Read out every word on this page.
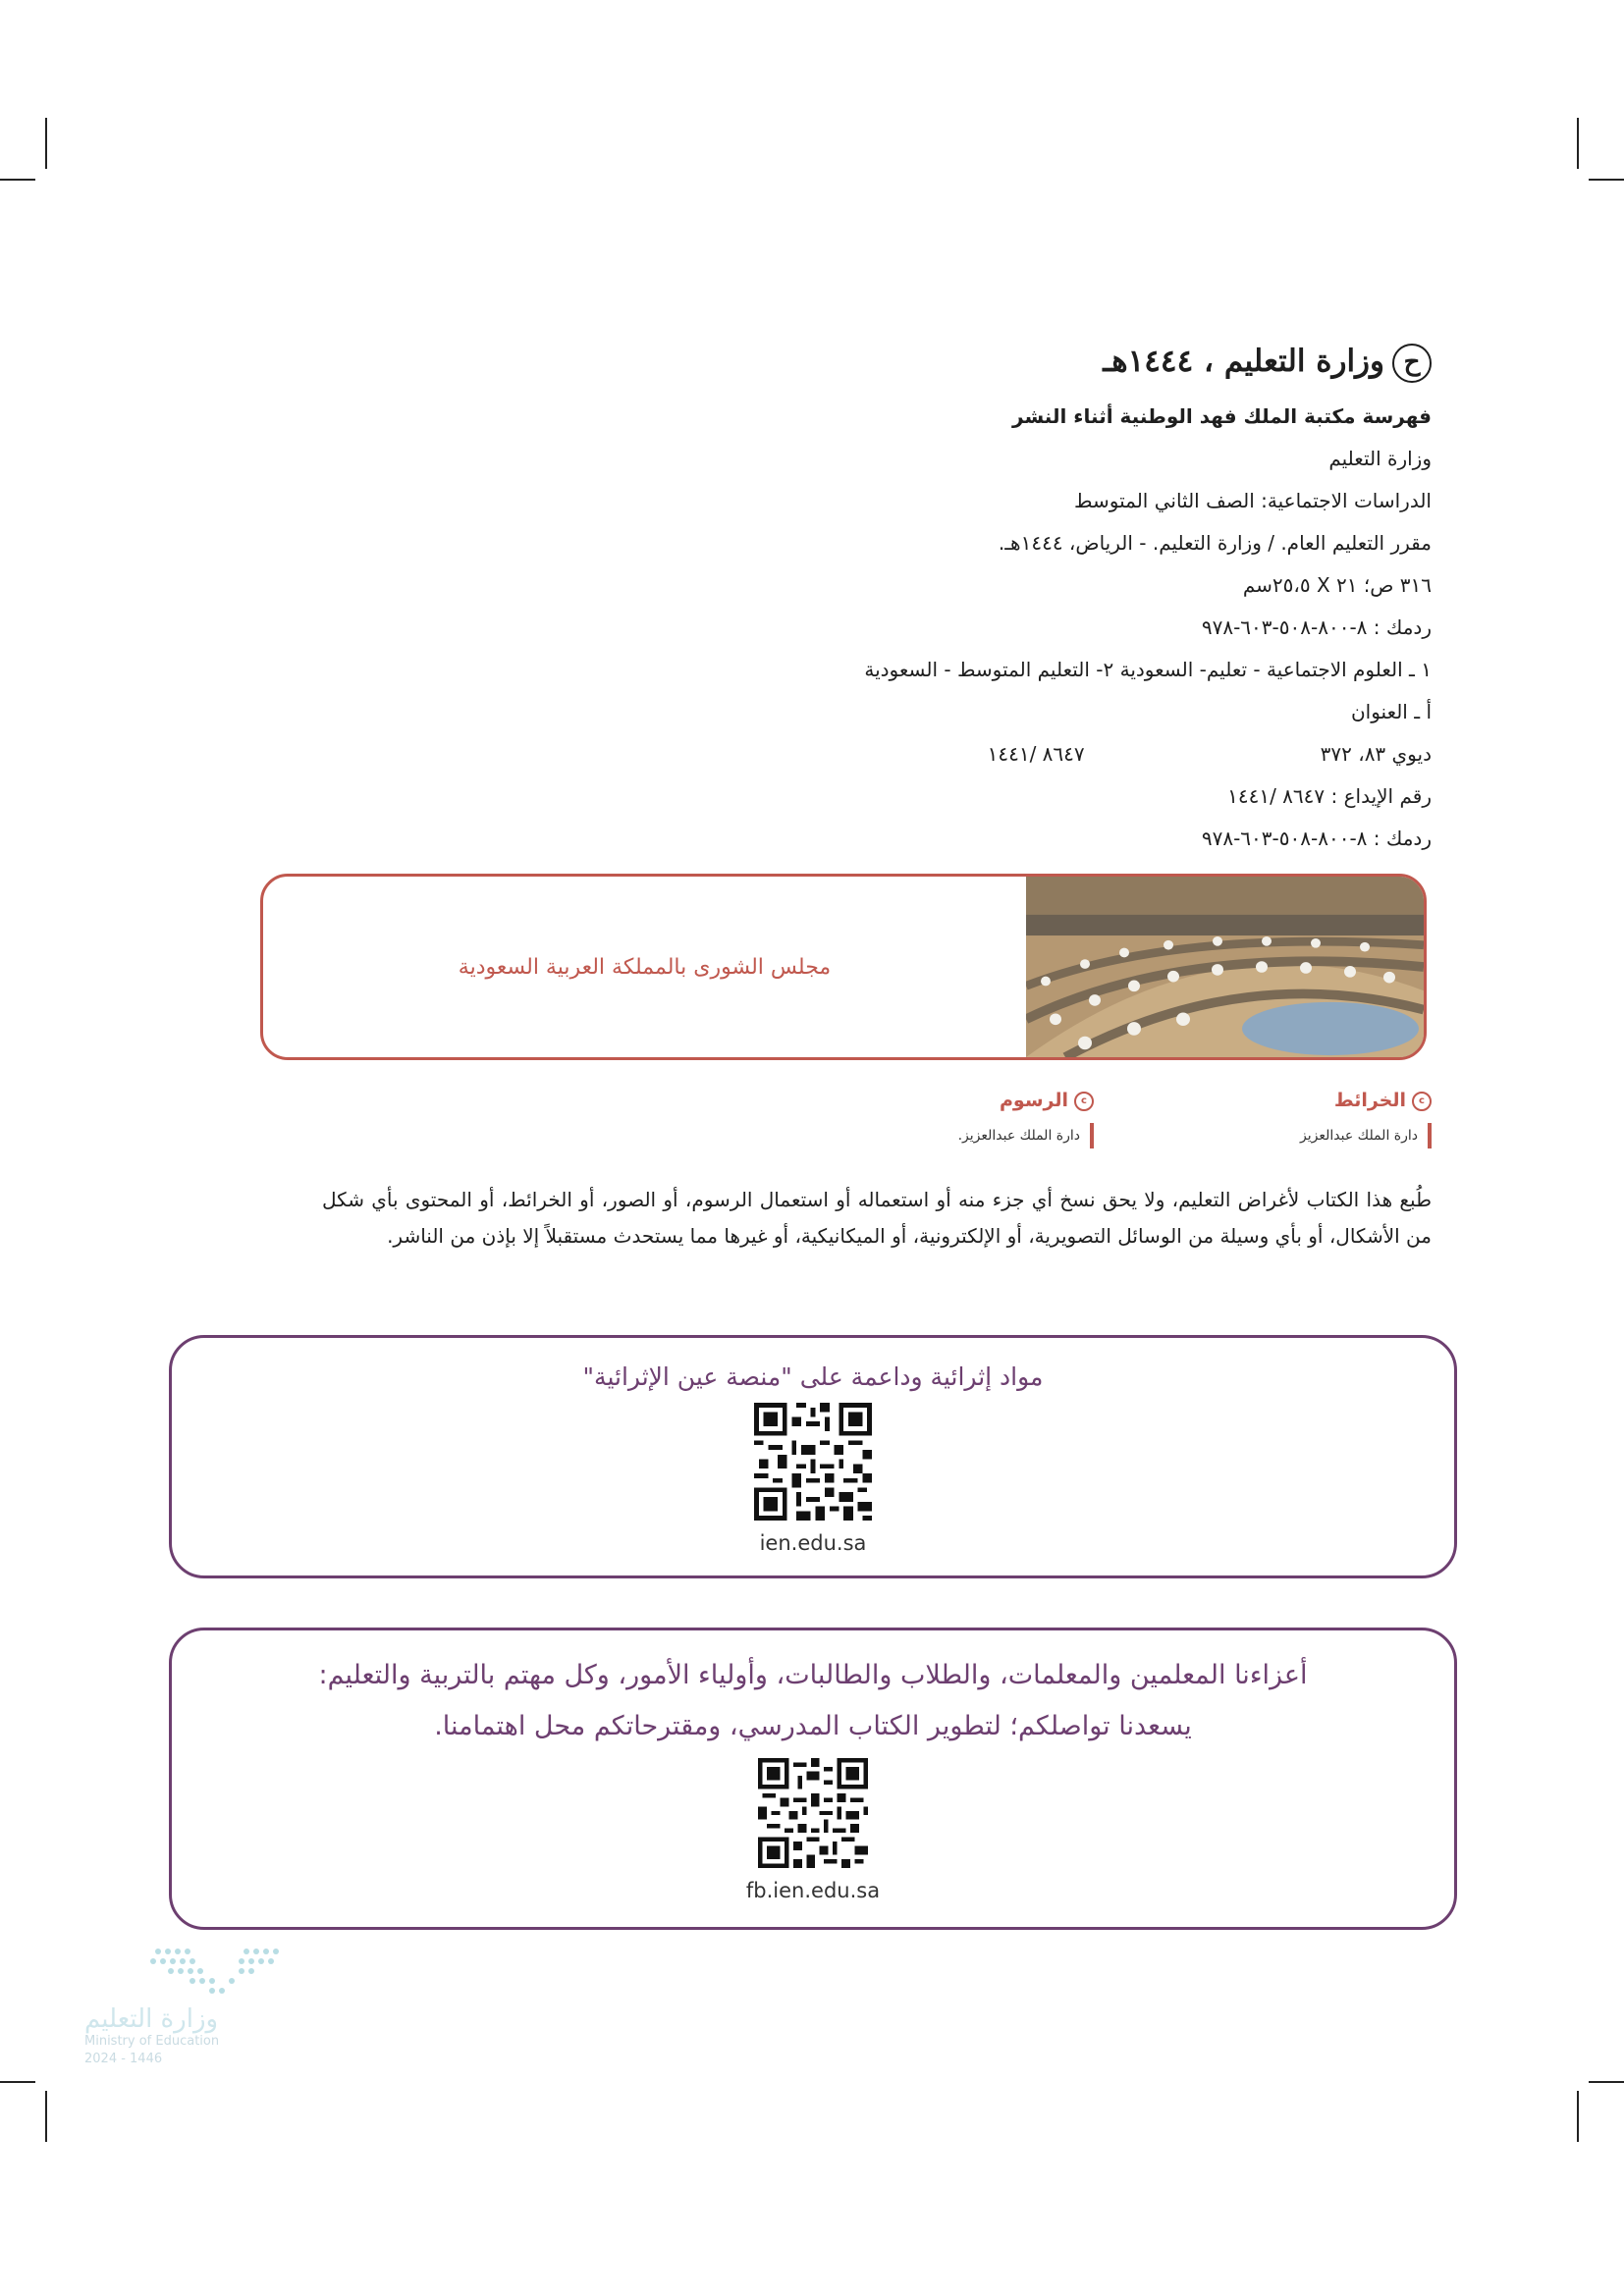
حوزارة التعليم ، ١٤٤٤هـ
فهرسة مكتبة الملك فهد الوطنية أثناء النشر
وزارة التعليم
الدراسات الاجتماعية: الصف الثاني المتوسط
مقرر التعليم العام. / وزارة التعليم. - الرياض، ١٤٤٤هـ.
٣١٦ ص؛ ٢١ X ٢٥،٥سم
ردمك : ٨-٨٠٠-٥٠٨-٦٠٣-٩٧٨
١ ـ العلوم الاجتماعية - تعليم- السعودية ٢- التعليم المتوسط - السعودية
أ ـ العنوان
ديوي ٨٣، ٣٧٢
٨٦٤٧ /١٤٤١
رقم الإيداع : ٨٦٤٧ /١٤٤١
ردمك : ٨-٨٠٠-٥٠٨-٦٠٣-٩٧٨
مجلس الشورى بالمملكة العربية السعودية
cالخرائط
دارة الملك عبدالعزيز
cالرسوم
دارة الملك عبدالعزيز.
طُبع هذا الكتاب لأغراض التعليم، ولا يحق نسخ أي جزء منه أو استعماله أو استعمال الرسوم، أو الصور، أو الخرائط، أو المحتوى بأي شكل من الأشكال، أو بأي وسيلة من الوسائل التصويرية، أو الإلكترونية، أو الميكانيكية، أو غيرها مما يستحدث مستقبلاً إلا بإذن من الناشر.
مواد إثرائية وداعمة على "منصة عين الإثرائية"
ien.edu.sa
أعزاءنا المعلمين والمعلمات، والطلاب والطالبات، وأولياء الأمور، وكل مهتم بالتربية والتعليم:
يسعدنا تواصلكم؛ لتطوير الكتاب المدرسي، ومقترحاتكم محل اهتمامنا.
fb.ien.edu.sa
وزارة التعليم
Ministry of Education
2024 - 1446
